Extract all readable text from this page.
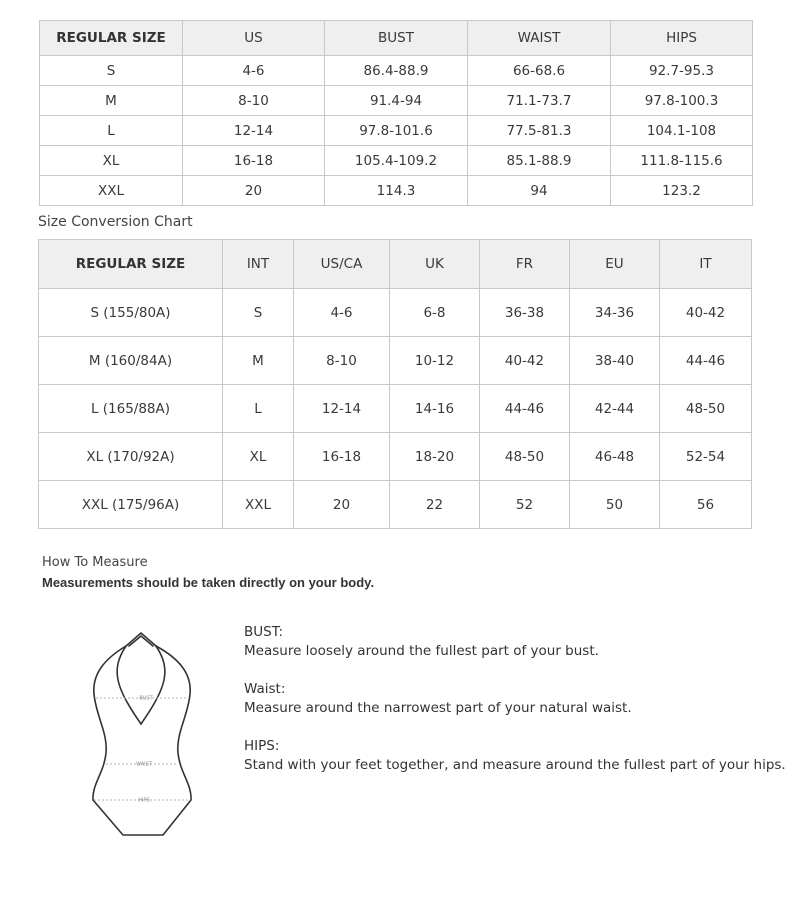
REGULAR SIZE	US	BUST	WAIST	HIPS
S	4-6	86.4-88.9	66-68.6	92.7-95.3
M	8-10	91.4-94	71.1-73.7	97.8-100.3
L	12-14	97.8-101.6	77.5-81.3	104.1-108
XL	16-18	105.4-109.2	85.1-88.9	111.8-115.6
XXL	20	114.3	94	123.2
Size Conversion Chart
REGULAR SIZE	INT	US/CA	UK	FR	EU	IT
S (155/80A)	S	4-6	6-8	36-38	34-36	40-42
M (160/84A)	M	8-10	10-12	40-42	38-40	44-46
L (165/88A)	L	12-14	14-16	44-46	42-44	48-50
XL (170/92A)	XL	16-18	18-20	48-50	46-48	52-54
XXL (175/96A)	XXL	20	22	52	50	56
How To Measure
Measurements should be taken directly on your body.
BUST
WAIST
HIPS
BUST:
Measure loosely around the fullest part of your bust.
Waist:
Measure around the narrowest part of your natural waist.
HIPS:
Stand with your feet together, and measure around the fullest part of your hips.
